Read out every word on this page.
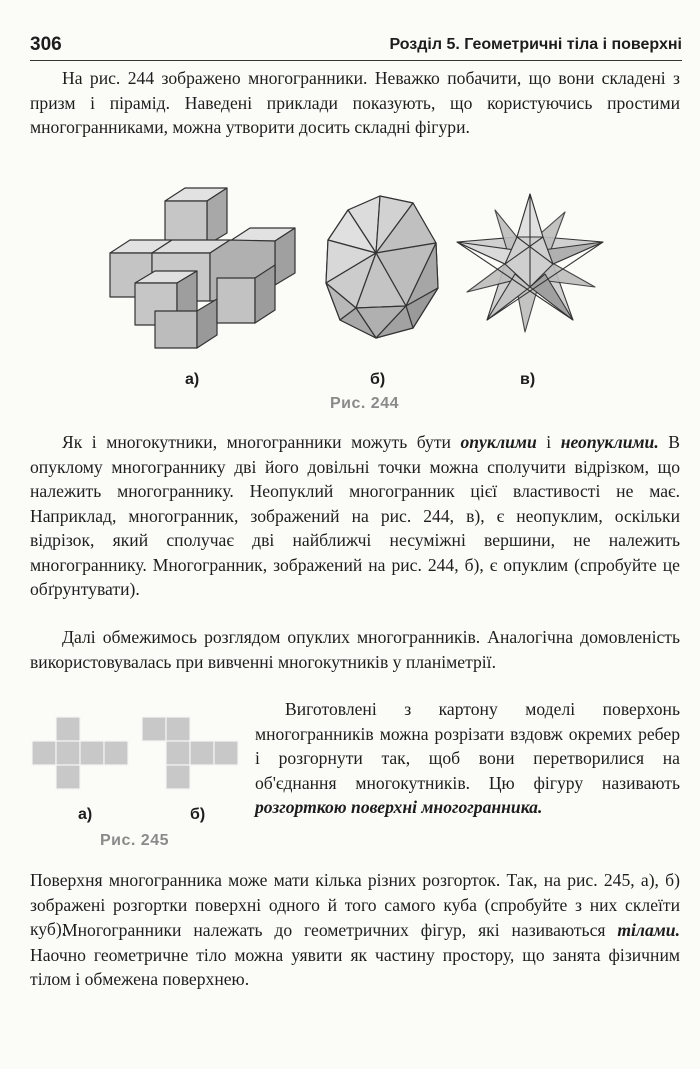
306	Розділ 5. Геометричні тіла і поверхні

На рис. 244 зображено многогранники. Неважко побачити, що вони складені з призм і пірамід. Наведені приклади показують, що користуючись простими многогранниками, можна утворити досить складні фігури.

а)	б)	в)
Рис. 244

Як і многокутники, многогранники можуть бути опуклими і неопуклими. В опуклому многограннику дві його довільні точки можна сполучити відрізком, що належить многограннику. Неопуклий многогранник цієї властивості не має. Наприклад, многогранник, зображений на рис. 244, в), є неопуклим, оскільки відрізок, який сполучає дві найближчі несуміжні вершини, не належить многограннику. Многогранник, зображений на рис. 244, б), є опуклим (спробуйте це обґрунтувати).

Далі обмежимось розглядом опуклих многогранників. Аналогічна домовленість використовувалась при вивченні многокутників у планіметрії.

а)	б)
Рис. 245

Виготовлені з картону моделі поверхонь многогранників можна розрізати вздовж окремих ребер і розгорнути так, щоб вони перетворилися на об'єднання многокутників. Цю фігуру називають розгорткою поверхні многогранника.

Поверхня многогранника може мати кілька різних розгорток. Так, на рис. 245, а), б) зображені розгортки поверхні одного й того самого куба (спробуйте з них склеїти куб).

Многогранники належать до геометричних фігур, які називаються тілами. Наочно геометричне тіло можна уявити як частину простору, що занята фізичним тілом і обмежена поверхнею.
